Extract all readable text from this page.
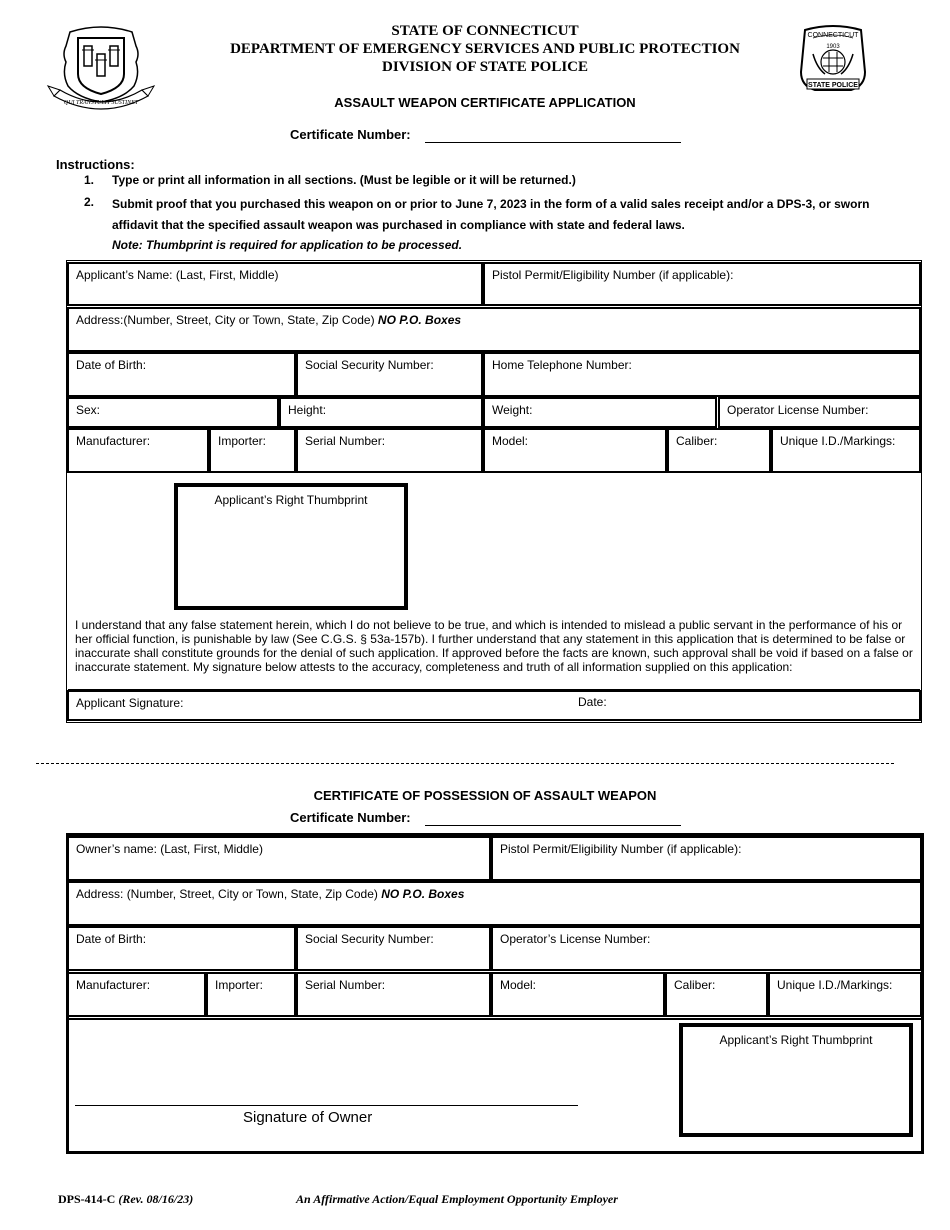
QUI TRANSTULIT SUSTINET
STATE OF CONNECTICUT
DEPARTMENT OF EMERGENCY SERVICES AND PUBLIC PROTECTION
DIVISION OF STATE POLICE
CONNECTICUT
1903
STATE POLICE
ASSAULT WEAPON CERTIFICATE APPLICATION
Certificate Number:
Instructions:
1. Type or print all information in all sections. (Must be legible or it will be returned.)
2. Submit proof that you purchased this weapon on or prior to June 7, 2023 in the form of a valid sales receipt and/or a DPS-3, or sworn affidavit that the specified assault weapon was purchased in compliance with state and federal laws.
Note: Thumbprint is required for application to be processed.
Applicant’s Name: (Last, First, Middle)	Pistol Permit/Eligibility Number (if applicable):
Address:(Number, Street, City or Town, State, Zip Code) NO P.O. Boxes
Date of Birth:	Social Security Number:	Home Telephone Number:
Sex:	Height:	Weight:	Operator License Number:
Manufacturer:	Importer:	Serial Number:	Model:	Caliber:	Unique I.D./Markings:
Applicant’s Right Thumbprint
I understand that any false statement herein, which I do not believe to be true, and which is intended to mislead a public servant in the performance of his or her official function, is punishable by law (See C.G.S. § 53a-157b). I further understand that any statement in this application that is determined to be false or inaccurate shall constitute grounds for the denial of such application. If approved before the facts are known, such approval shall be void if based on a false or inaccurate statement. My signature below attests to the accuracy, completeness and truth of all information supplied on this application:
Applicant Signature:	Date:
CERTIFICATE OF POSSESSION OF ASSAULT WEAPON
Certificate Number:
Owner’s name: (Last, First, Middle)	Pistol Permit/Eligibility Number (if applicable):
Address: (Number, Street, City or Town, State, Zip Code) NO P.O. Boxes
Date of Birth:	Social Security Number:	Operator’s License Number:
Manufacturer:	Importer:	Serial Number:	Model:	Caliber:	Unique I.D./Markings:
Signature of Owner
Applicant’s Right Thumbprint
DPS-414-C (Rev. 08/16/23)	An Affirmative Action/Equal Employment Opportunity Employer
